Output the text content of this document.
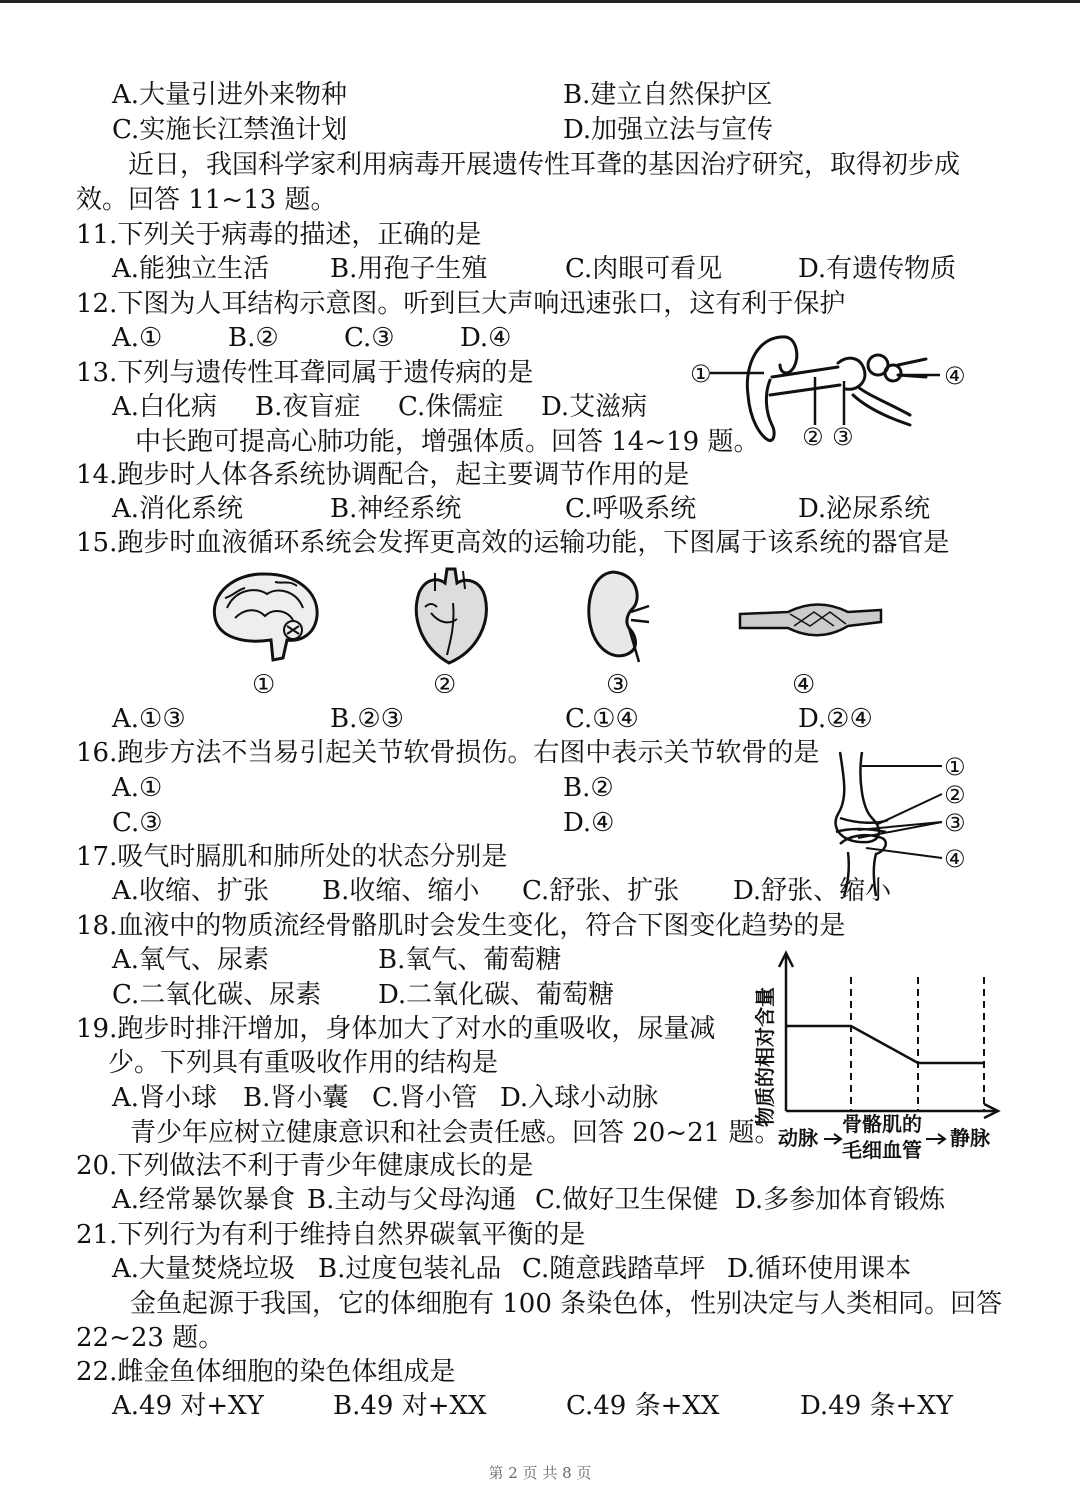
A.大量引进外来物种	B.建立自然保护区
C.实施长江禁渔计划	D.加强立法与宣传
近日，我国科学家利用病毒开展遗传性耳聋的基因治疗研究，取得初步成
效。回答 11~13 题。
11.下列关于病毒的描述，正确的是
A.能独立生活 B.用孢子生殖	C.肉眼可看见	D.有遗传物质
12.下图为人耳结构示意图。听到巨大声响迅速张口，这有利于保护
A.①	B.②	C.③	D.④
13.下列与遗传性耳聋同属于遗传病的是
A.白化病 B.夜盲症 C.侏儒症 D.艾滋病
①
② ③
④
中长跑可提高心肺功能，增强体质。回答 14~19 题。
14.跑步时人体各系统协调配合，起主要调节作用的是
A.消化系统	B.神经系统	C.呼吸系统	D.泌尿系统
15.跑步时血液循环系统会发挥更高效的运输功能，下图属于该系统的器官是
①	②	③	④
A.①③	B.②③	C.①④	D.②④
16.跑步方法不当易引起关节软骨损伤。右图中表示关节软骨的是
A.①	B.②
C.③	D.④
①
②
③
④
17.吸气时膈肌和肺所处的状态分别是
A.收缩、扩张 B.收缩、缩小 C.舒张、扩张 D.舒张、缩小
18.血液中的物质流经骨骼肌时会发生变化，符合下图变化趋势的是
A.氧气、尿素	B.氧气、葡萄糖
C.二氧化碳、尿素 D.二氧化碳、葡萄糖	物质的相对含量
动脉
骨骼肌的
毛细血管 静脉
19.跑步时排汗增加，身体加大了对水的重吸收，尿量减
少。下列具有重吸收作用的结构是
A.肾小球 B.肾小囊 C.肾小管 D.入球小动脉
青少年应树立健康意识和社会责任感。回答 20~21 题。
20.下列做法不利于青少年健康成长的是
A.经常暴饮暴食 B.主动与父母沟通 C.做好卫生保健 D.多参加体育锻炼
21.下列行为有利于维持自然界碳氧平衡的是
A.大量焚烧垃圾 B.过度包装礼品 C.随意践踏草坪 D.循环使用课本
金鱼起源于我国，它的体细胞有 100 条染色体，性别决定与人类相同。回答
22~23 题。
22.雌金鱼体细胞的染色体组成是
A.49 对+XY	B.49 对+XX	C.49 条+XX	D.49 条+XY
第 2 页 共 8 页
